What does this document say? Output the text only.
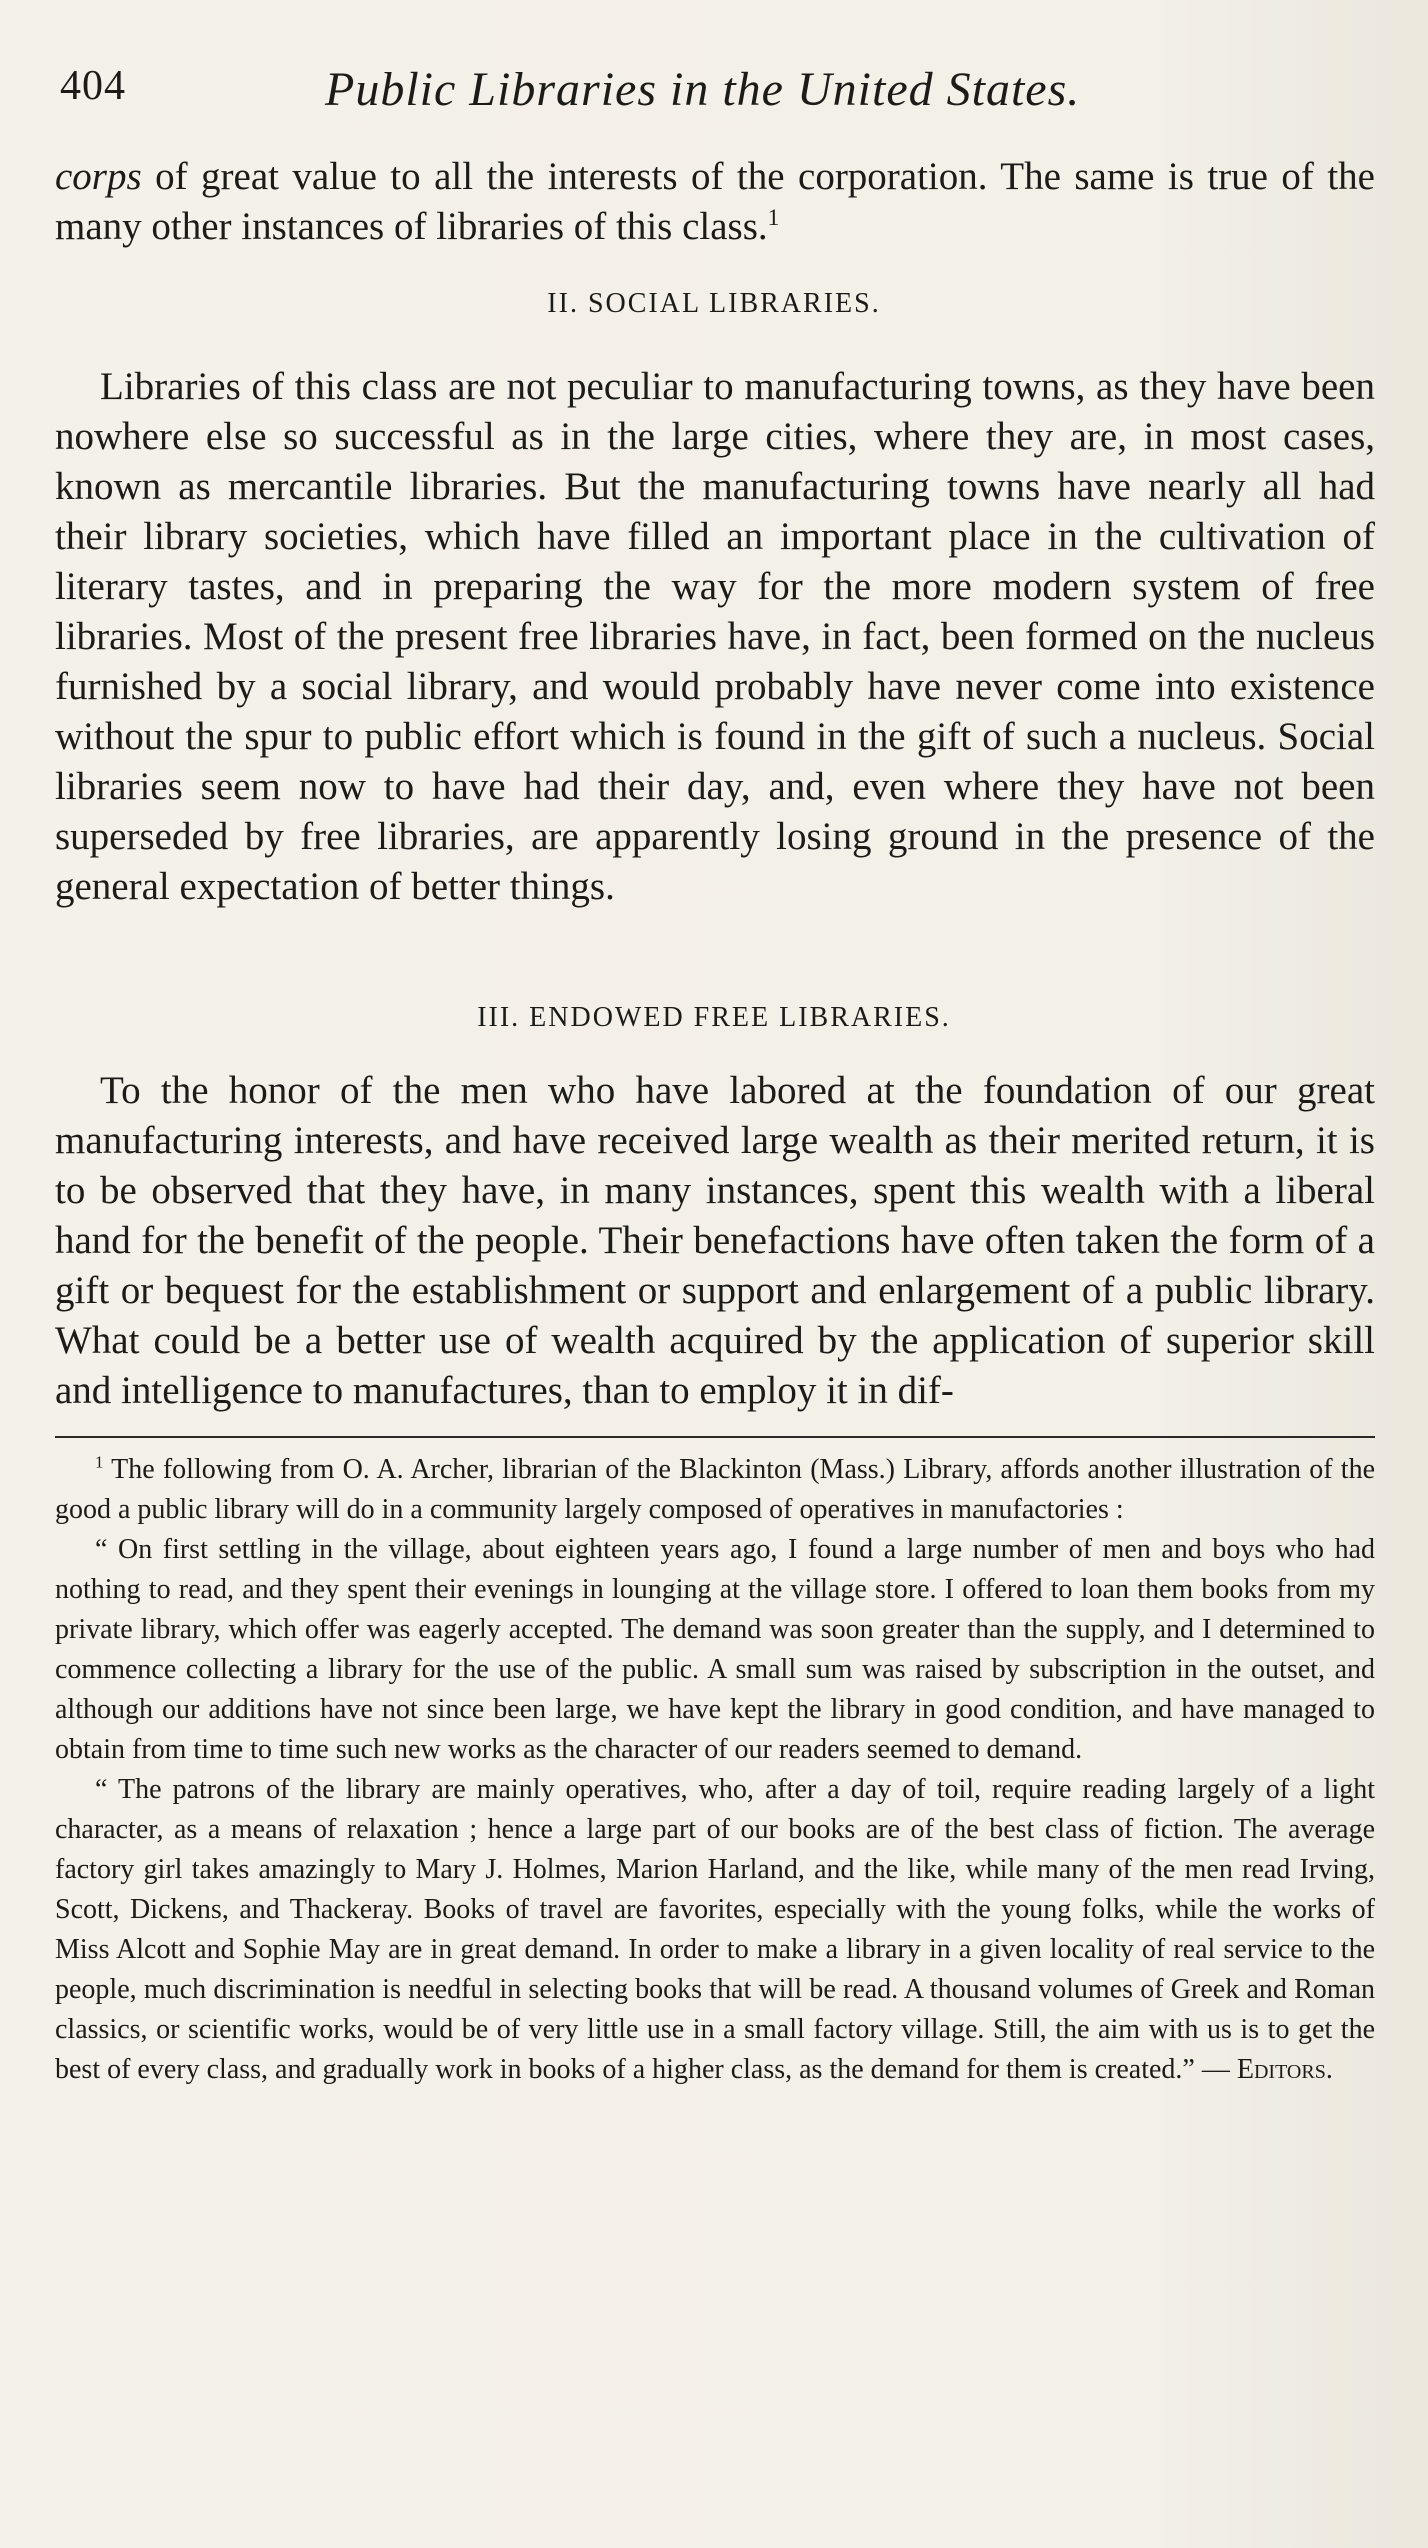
404	Public Libraries in the United States.

corps of great value to all the interests of the corporation. The same is true of the many other instances of libraries of this class.$^1$

II. SOCIAL LIBRARIES.

Libraries of this class are not peculiar to manufacturing towns, as they have been nowhere else so successful as in the large cities, where they are, in most cases, known as mercantile libraries. But the manufacturing towns have nearly all had their library societies, which have filled an important place in the cultivation of literary tastes, and in preparing the way for the more modern system of free libraries. Most of the present free libraries have, in fact, been formed on the nucleus furnished by a social library, and would probably have never come into existence without the spur to public effort which is found in the gift of such a nucleus. Social libraries seem now to have had their day, and, even where they have not been superseded by free libraries, are apparently losing ground in the presence of the general expectation of better things.

III. ENDOWED FREE LIBRARIES.

To the honor of the men who have labored at the foundation of our great manufacturing interests, and have received large wealth as their merited return, it is to be observed that they have, in many instances, spent this wealth with a liberal hand for the benefit of the people. Their benefactions have often taken the form of a gift or bequest for the establishment or support and enlargement of a public library. What could be a better use of wealth acquired by the application of superior skill and intelligence to manufactures, than to employ it in dif-

$^1$ The following from O. A. Archer, librarian of the Blackinton (Mass.) Library, affords another illustration of the good a public library will do in a community largely composed of operatives in manufactories :

“ On first settling in the village, about eighteen years ago, I found a large number of men and boys who had nothing to read, and they spent their evenings in lounging at the village store. I offered to loan them books from my private library, which offer was eagerly accepted. The demand was soon greater than the supply, and I determined to commence collecting a library for the use of the public. A small sum was raised by subscription in the outset, and although our additions have not since been large, we have kept the library in good condition, and have managed to obtain from time to time such new works as the character of our readers seemed to demand.

“ The patrons of the library are mainly operatives, who, after a day of toil, require reading largely of a light character, as a means of relaxation ; hence a large part of our books are of the best class of fiction. The average factory girl takes amazingly to Mary J. Holmes, Marion Harland, and the like, while many of the men read Irving, Scott, Dickens, and Thackeray. Books of travel are favorites, especially with the young folks, while the works of Miss Alcott and Sophie May are in great demand. In order to make a library in a given locality of real service to the people, much discrimination is needful in selecting books that will be read. A thousand volumes of Greek and Roman classics, or scientific works, would be of very little use in a small factory village. Still, the aim with us is to get the best of every class, and gradually work in books of a higher class, as the demand for them is created.” — Editors.
